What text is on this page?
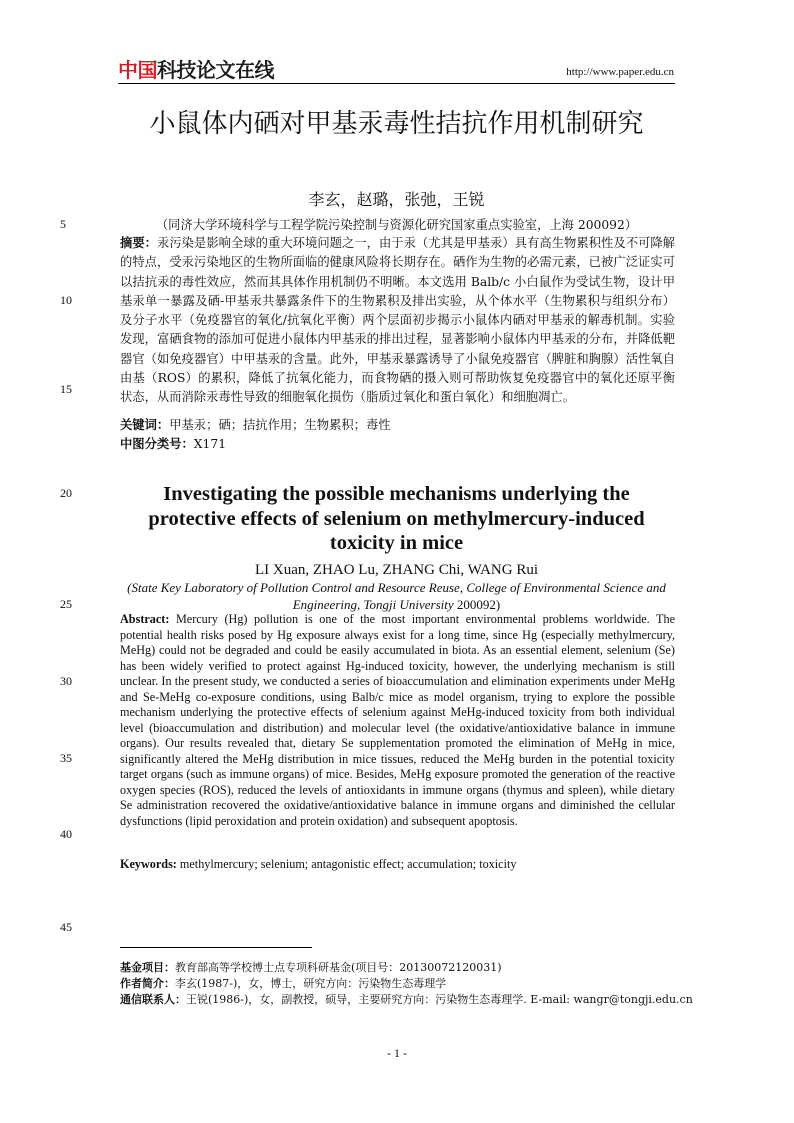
中国科技论文在线	http://www.paper.edu.cn
小鼠体内硒对甲基汞毒性拮抗作用机制研究
李玄，赵璐，张弛，王锐
（同济大学环境科学与工程学院污染控制与资源化研究国家重点实验室，上海 200092）
摘要：汞污染是影响全球的重大环境问题之一，由于汞（尤其是甲基汞）具有高生物累积性及不可降解的特点，受汞污染地区的生物所面临的健康风险将长期存在。硒作为生物的必需元素，已被广泛证实可以拮抗汞的毒性效应，然而其具体作用机制仍不明晰。本文选用 Balb/c 小白鼠作为受试生物，设计甲基汞单一暴露及硒-甲基汞共暴露条件下的生物累积及排出实验，从个体水平（生物累积与组织分布）及分子水平（免疫器官的氧化/抗氧化平衡）两个层面初步揭示小鼠体内硒对甲基汞的解毒机制。实验发现，富硒食物的添加可促进小鼠体内甲基汞的排出过程，显著影响小鼠体内甲基汞的分布，并降低靶器官（如免疫器官）中甲基汞的含量。此外，甲基汞暴露诱导了小鼠免疫器官（脾脏和胸腺）活性氧自由基（ROS）的累积，降低了抗氧化能力，而食物硒的摄入则可帮助恢复免疫器官中的氧化还原平衡状态，从而消除汞毒性导致的细胞氧化损伤（脂质过氧化和蛋白氧化）和细胞凋亡。
关键词：甲基汞；硒；拮抗作用；生物累积；毒性
中图分类号：X171
5
10
15
20
25
30
35
40
45
Investigating the possible mechanisms underlying the protective effects of selenium on methylmercury-induced toxicity in mice
LI Xuan, ZHAO Lu, ZHANG Chi, WANG Rui
(State Key Laboratory of Pollution Control and Resource Reuse, College of Environmental Science and Engineering, Tongji University 200092)
Abstract: Mercury (Hg) pollution is one of the most important environmental problems worldwide. The potential health risks posed by Hg exposure always exist for a long time, since Hg (especially methylmercury, MeHg) could not be degraded and could be easily accumulated in biota. As an essential element, selenium (Se) has been widely verified to protect against Hg-induced toxicity, however, the underlying mechanism is still unclear. In the present study, we conducted a series of bioaccumulation and elimination experiments under MeHg and Se-MeHg co-exposure conditions, using Balb/c mice as model organism, trying to explore the possible mechanism underlying the protective effects of selenium against MeHg-induced toxicity from both individual level (bioaccumulation and distribution) and molecular level (the oxidative/antioxidative balance in immune organs). Our results revealed that, dietary Se supplementation promoted the elimination of MeHg in mice, significantly altered the MeHg distribution in mice tissues, reduced the MeHg burden in the potential toxicity target organs (such as immune organs) of mice. Besides, MeHg exposure promoted the generation of the reactive oxygen species (ROS), reduced the levels of antioxidants in immune organs (thymus and spleen), while dietary Se administration recovered the oxidative/antioxidative balance in immune organs and diminished the cellular dysfunctions (lipid peroxidation and protein oxidation) and subsequent apoptosis.
Keywords: methylmercury; selenium; antagonistic effect; accumulation; toxicity
基金项目：教育部高等学校博士点专项科研基金(项目号：20130072120031)
作者简介：李玄(1987-)，女，博士，研究方向：污染物生态毒理学
通信联系人：王锐(1986-)，女，副教授，硕导，主要研究方向：污染物生态毒理学. E-mail: wangr@tongji.edu.cn
- 1 -
